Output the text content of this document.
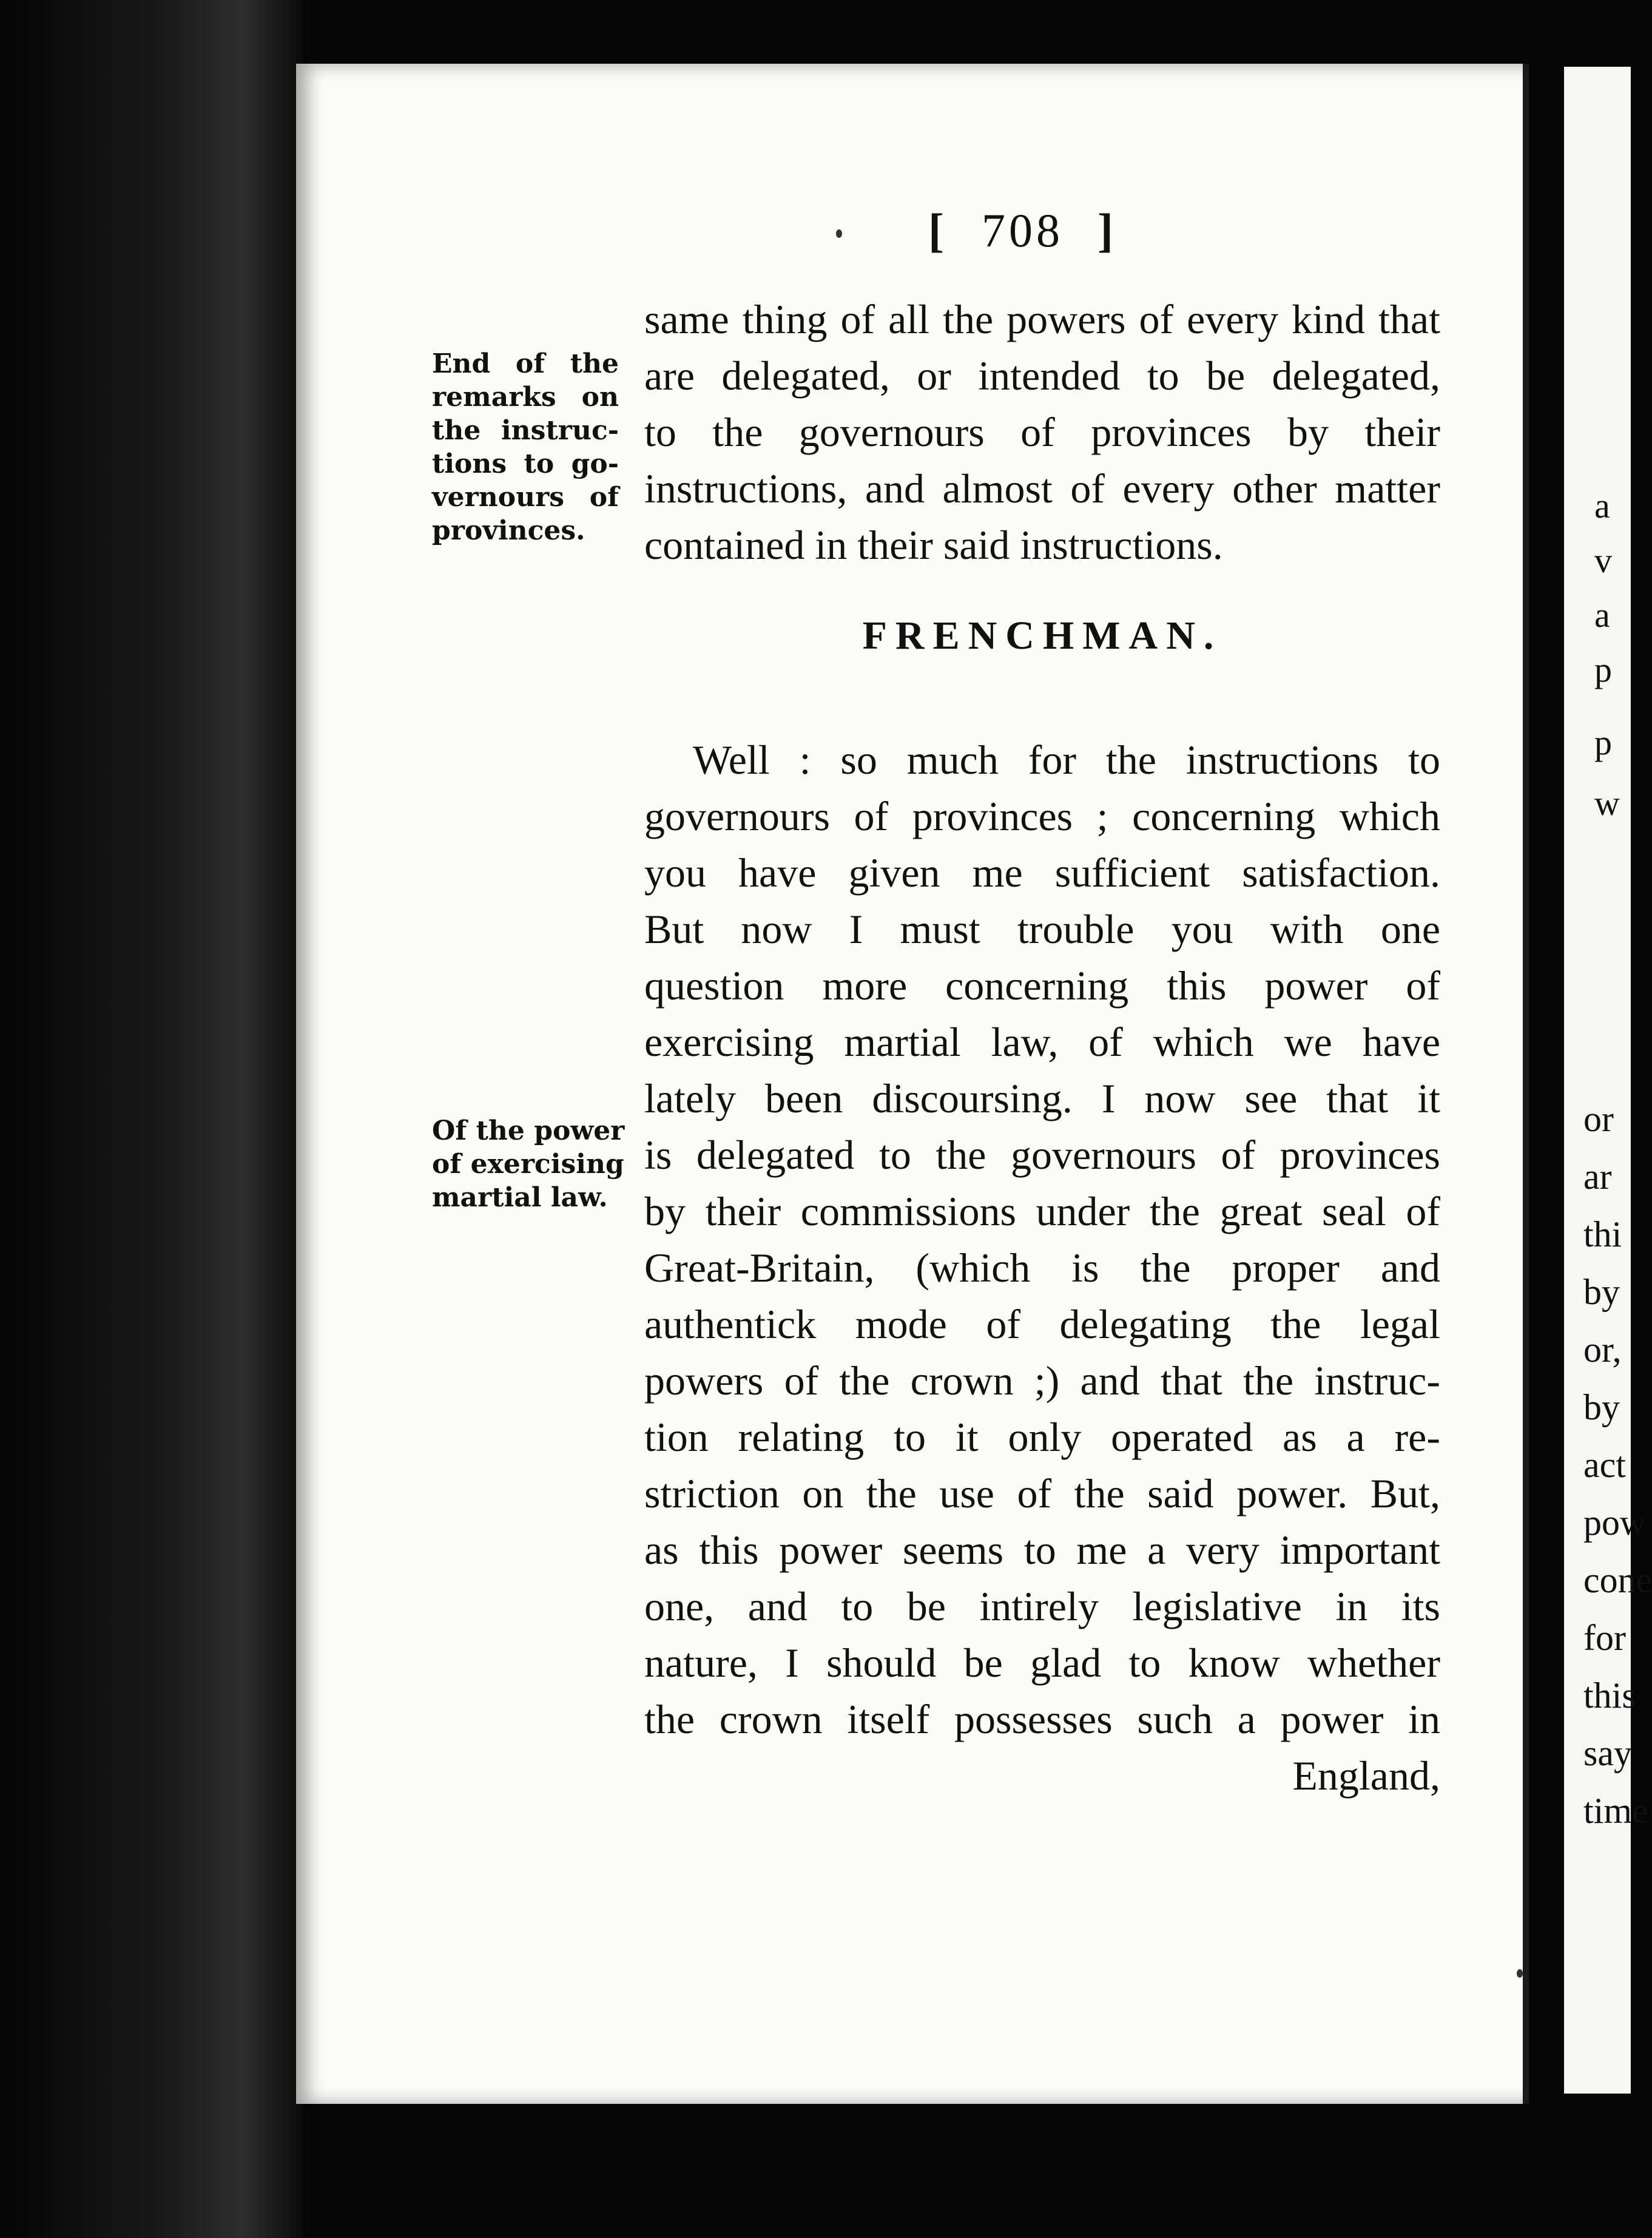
a
v
a
p
p
w
or
ar
thi
by
or,
by
act
pow
cone
for
this
say
time
[ 708 ]
End of the
remarks on
the instruc-
tions to go-
vernours of
provinces.
Of the power
of exercising
martial law.
same thing of all the powers of every kind that
are delegated, or intended to be delegated,
to the governours of provinces by their
instructions, and almost of every other matter
contained in their said instructions.
FRENCHMAN.
Well : so much for the instructions to
governours of provinces ; concerning which
you have given me sufficient satisfaction.
But now I must trouble you with one
question more concerning this power of
exercising martial law, of which we have
lately been discoursing. I now see that it
is delegated to the governours of provinces
by their commissions under the great seal of
Great-Britain, (which is the proper and
authentick mode of delegating the legal
powers of the crown ;) and that the instruc-
tion relating to it only operated as a re-
striction on the use of the said power. But,
as this power seems to me a very important
one, and to be intirely legislative in its
nature, I should be glad to know whether
the crown itself possesses such a power in
England,
